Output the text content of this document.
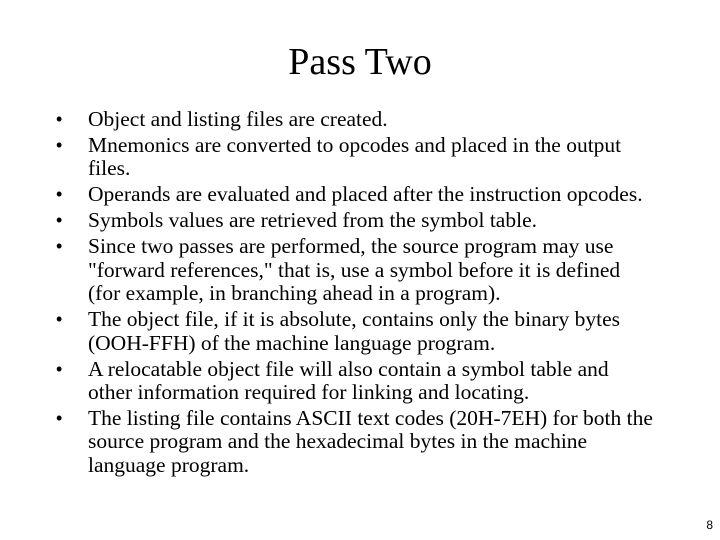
Pass Two
•	Object and listing files are created.
•	Mnemonics are converted to opcodes and placed in the output files.
•	Operands are evaluated and placed after the instruction opcodes.
•	Symbols values are retrieved from the symbol table.
•	Since two passes are performed, the source program may use "forward references," that is, use a symbol before it is defined (for example, in branching ahead in a program).
•	The object file, if it is absolute, contains only the binary bytes (OOH-FFH) of the machine language program.
•	A relocatable object file will also contain a symbol table and other information required for linking and locating.
•	The listing file contains ASCII text codes (20H-7EH) for both the source program and the hexadecimal bytes in the machine language program.
8
